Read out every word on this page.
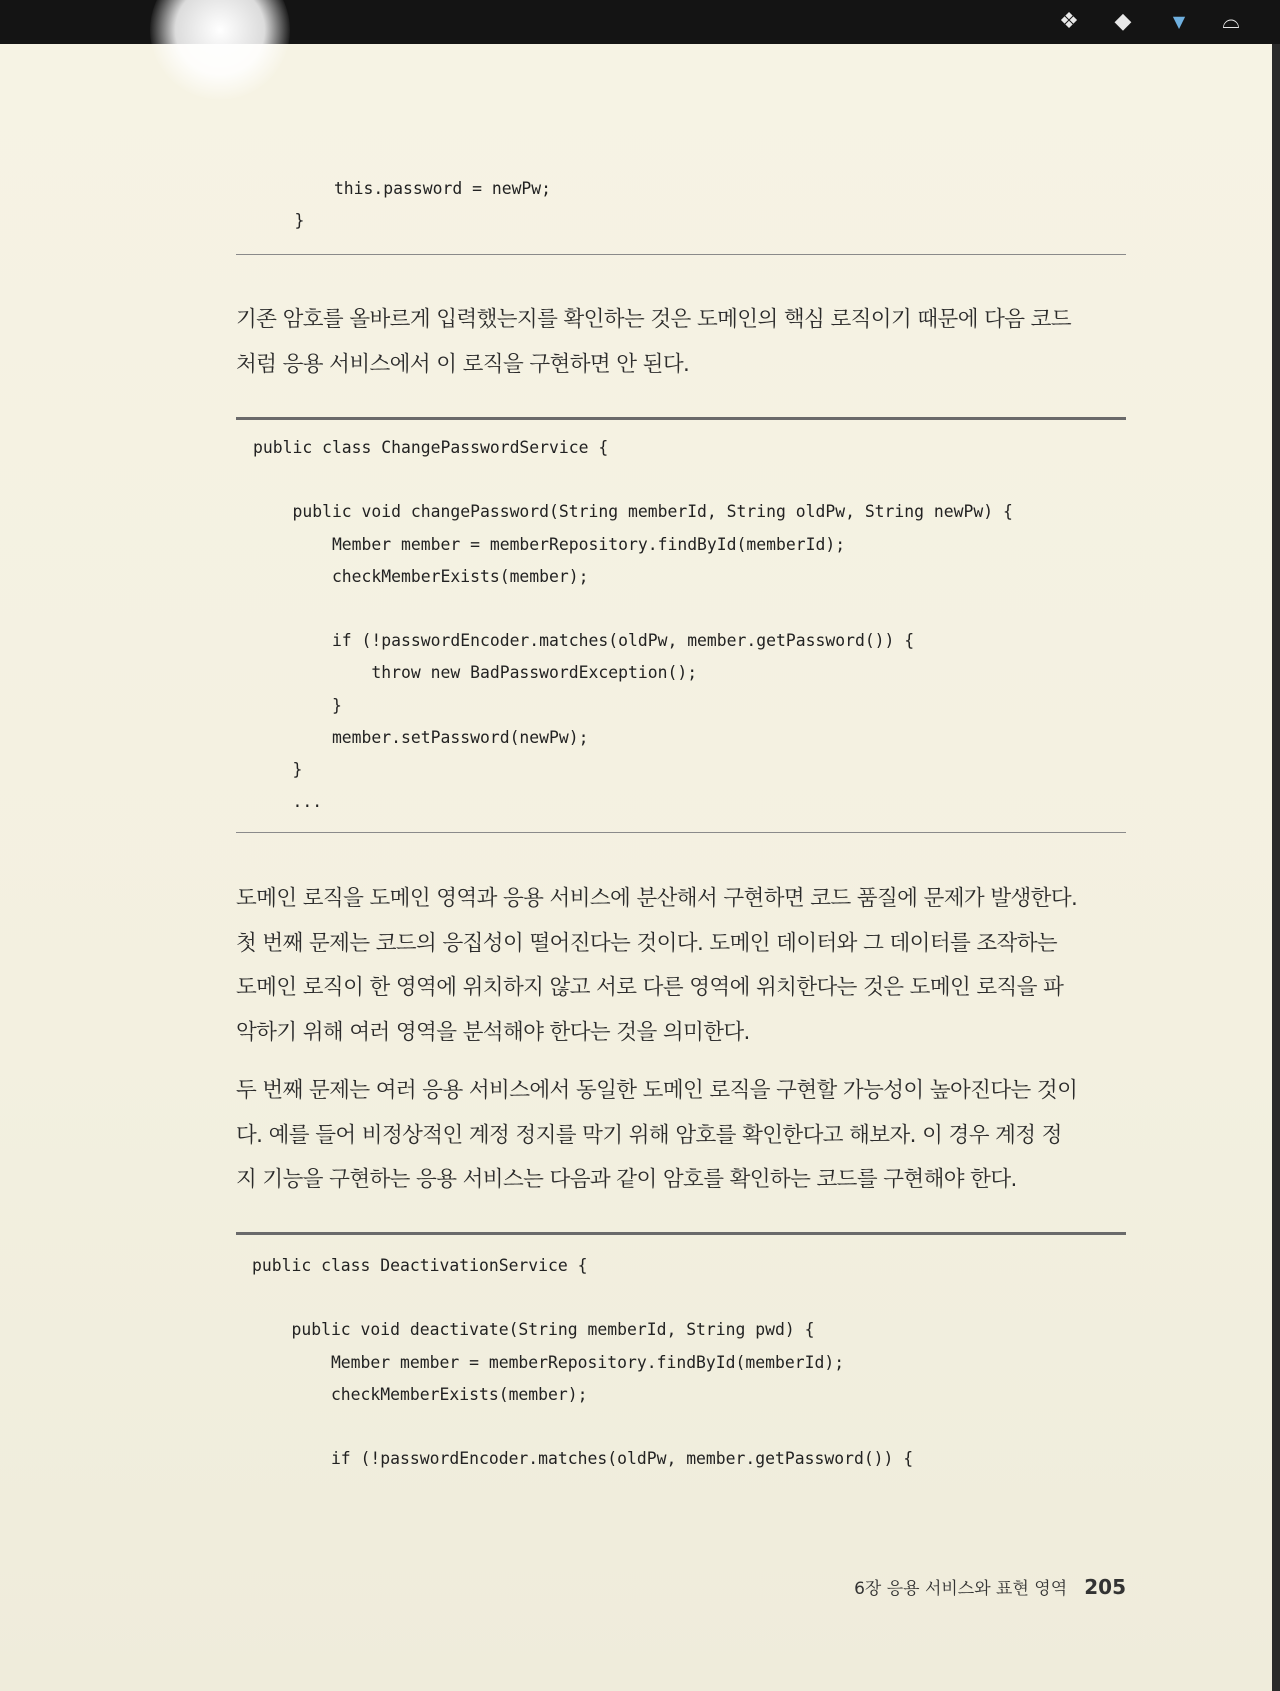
❖ ◆	▼	⌓
this.password = newPw;
}
기존 암호를 올바르게 입력했는지를 확인하는 것은 도메인의 핵심 로직이기 때문에 다음 코드
처럼 응용 서비스에서 이 로직을 구현하면 안 된다.
public class ChangePasswordService {

public void changePassword(String memberId, String oldPw, String newPw) {
Member member = memberRepository.findById(memberId);
checkMemberExists(member);

if (!passwordEncoder.matches(oldPw, member.getPassword()) {
throw new BadPasswordException();
}
member.setPassword(newPw);
}
...
도메인 로직을 도메인 영역과 응용 서비스에 분산해서 구현하면 코드 품질에 문제가 발생한다.
첫 번째 문제는 코드의 응집성이 떨어진다는 것이다. 도메인 데이터와 그 데이터를 조작하는
도메인 로직이 한 영역에 위치하지 않고 서로 다른 영역에 위치한다는 것은 도메인 로직을 파
악하기 위해 여러 영역을 분석해야 한다는 것을 의미한다.
두 번째 문제는 여러 응용 서비스에서 동일한 도메인 로직을 구현할 가능성이 높아진다는 것이
다. 예를 들어 비정상적인 계정 정지를 막기 위해 암호를 확인한다고 해보자. 이 경우 계정 정
지 기능을 구현하는 응용 서비스는 다음과 같이 암호를 확인하는 코드를 구현해야 한다.
public class DeactivationService {

public void deactivate(String memberId, String pwd) {
Member member = memberRepository.findById(memberId);
checkMemberExists(member);

if (!passwordEncoder.matches(oldPw, member.getPassword()) {
6장 응용 서비스와 표현 영역 205
